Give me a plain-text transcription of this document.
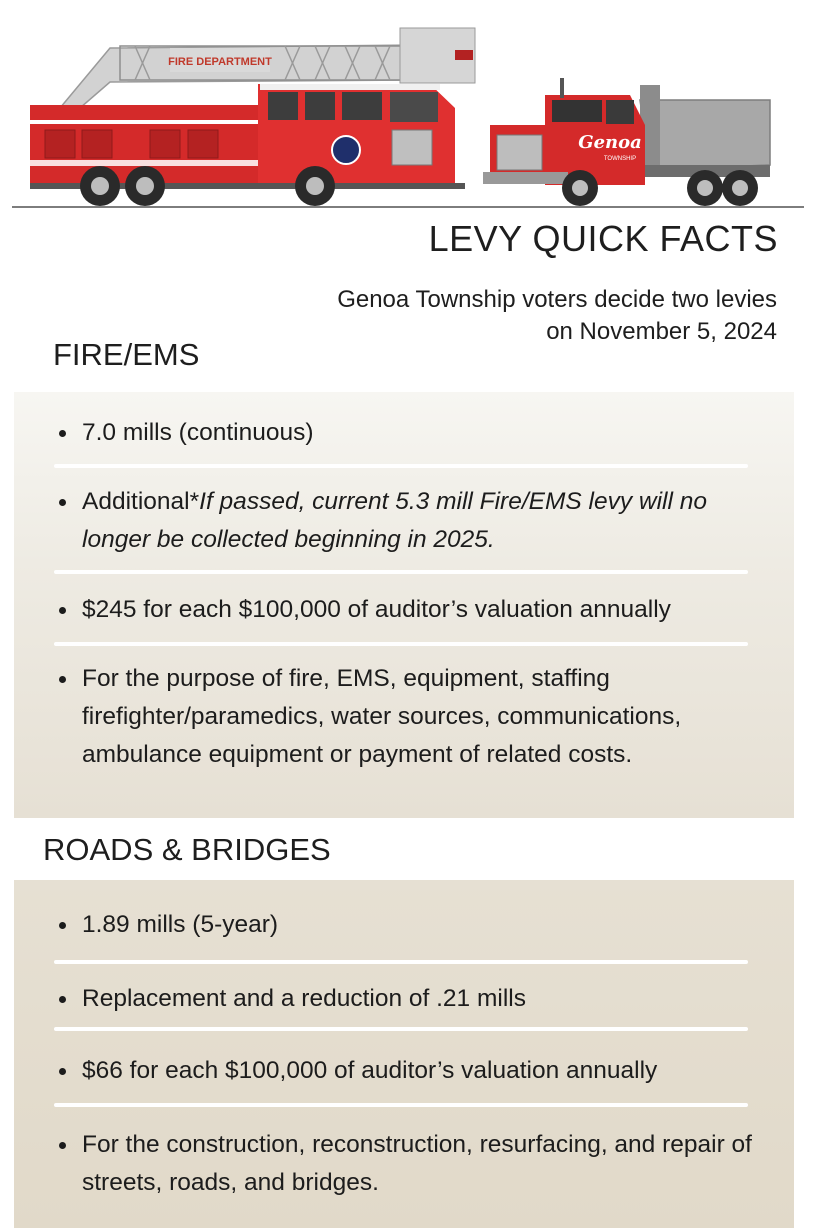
FIRE DEPARTMENT
Genoa
TOWNSHIP
LEVY QUICK FACTS
Genoa Township voters decide two levies
on November 5, 2024
FIRE/EMS
7.0 mills (continuous)
Additional*If passed, current 5.3 mill Fire/EMS levy will no longer be collected beginning in 2025.
$245 for each $100,000 of auditor’s valuation annually
For the purpose of fire, EMS, equipment, staffing firefighter/paramedics, water sources, communications, ambulance equipment or payment of related costs.
ROADS & BRIDGES
1.89 mills (5-year)
Replacement and a reduction of .21 mills
$66 for each $100,000 of auditor’s valuation annually
For the construction, reconstruction, resurfacing, and repair of streets, roads, and bridges.
